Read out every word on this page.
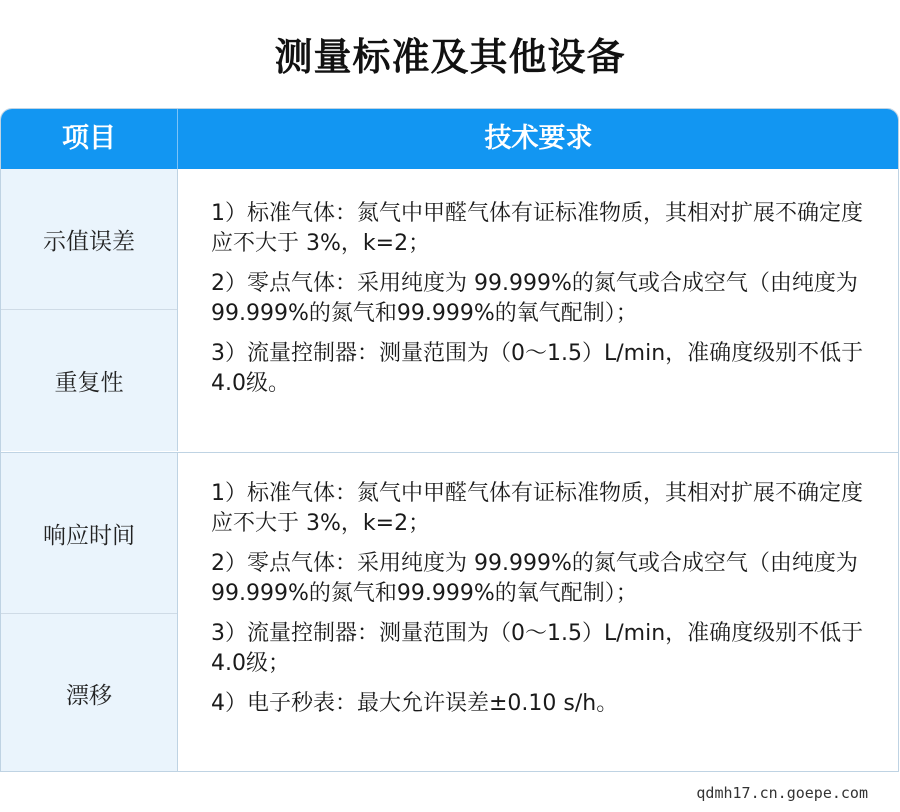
测量标准及其他设备
项目	技术要求
示值误差
重复性

1）标准气体：氮气中甲醛气体有证标准物质，其相对扩展不确定度应不大于 3%，k=2；

2）零点气体：采用纯度为 99.999%的氮气或合成空气（由纯度为99.999%的氮气和99.999%的氧气配制）；

3）流量控制器：测量范围为（0～1.5）L/min，准确度级别不低于4.0级。

响应时间
漂移

1）标准气体：氮气中甲醛气体有证标准物质，其相对扩展不确定度应不大于 3%，k=2；

2）零点气体：采用纯度为 99.999%的氮气或合成空气（由纯度为99.999%的氮气和99.999%的氧气配制）；

3）流量控制器：测量范围为（0～1.5）L/min，准确度级别不低于4.0级；

4）电子秒表：最大允许误差±0.10 s/h。

qdmh17.cn.goepe.com
